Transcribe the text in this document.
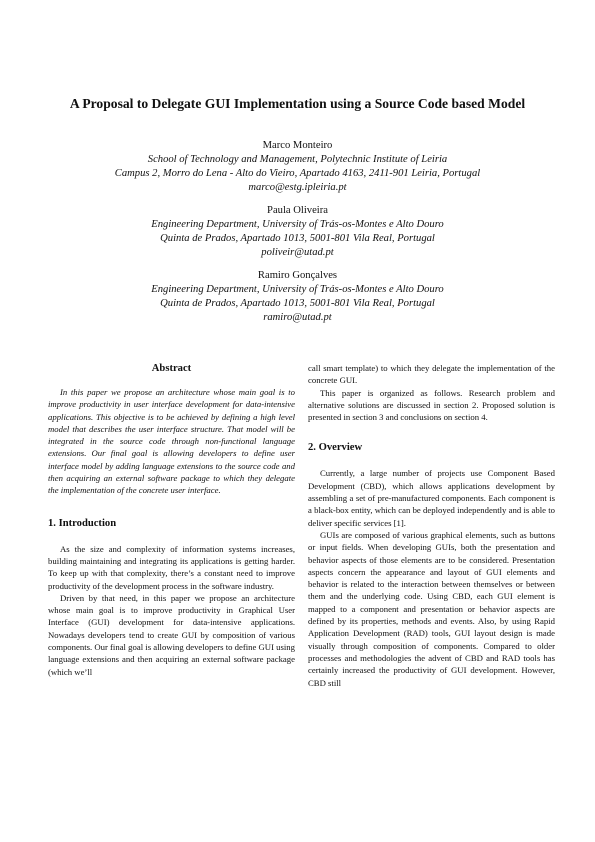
A Proposal to Delegate GUI Implementation using a Source Code based Model
Marco Monteiro
School of Technology and Management, Polytechnic Institute of Leiria
Campus 2, Morro do Lena - Alto do Vieiro, Apartado 4163, 2411-901 Leiria, Portugal
marco@estg.ipleiria.pt
Paula Oliveira
Engineering Department, University of Trás-os-Montes e Alto Douro
Quinta de Prados, Apartado 1013, 5001-801 Vila Real, Portugal
poliveir@utad.pt
Ramiro Gonçalves
Engineering Department, University of Trás-os-Montes e Alto Douro
Quinta de Prados, Apartado 1013, 5001-801 Vila Real, Portugal
ramiro@utad.pt
Abstract

In this paper we propose an architecture whose main goal is to improve productivity in user interface development for data-intensive applications. This objective is to be achieved by defining a high level model that describes the user interface structure. That model will be integrated in the source code through non-functional language extensions. Our final goal is allowing developers to define user interface model by adding language extensions to the source code and then acquiring an external software package to which they delegate the implementation of the concrete user interface.

1. Introduction

As the size and complexity of information systems increases, building maintaining and integrating its applications is getting harder. To keep up with that complexity, there’s a constant need to improve productivity of the development process in the software industry.

Driven by that need, in this paper we propose an architecture whose main goal is to improve productivity in Graphical User Interface (GUI) development for data-intensive applications. Nowadays developers tend to create GUI by composition of various components. Our final goal is allowing developers to define GUI using language extensions and then acquiring an external software package (which we’ll

call smart template) to which they delegate the implementation of the concrete GUI.

This paper is organized as follows. Research problem and alternative solutions are discussed in section 2. Proposed solution is presented in section 3 and conclusions on section 4.

2. Overview

Currently, a large number of projects use Component Based Development (CBD), which allows applications development by assembling a set of pre-manufactured components. Each component is a black-box entity, which can be deployed independently and is able to deliver specific services [1].

GUIs are composed of various graphical elements, such as buttons or input fields. When developing GUIs, both the presentation and behavior aspects of those elements are to be considered. Presentation aspects concern the appearance and layout of GUI elements and behavior is related to the interaction between themselves or between them and the underlying code. Using CBD, each GUI element is mapped to a component and presentation or behavior aspects are defined by its properties, methods and events. Also, by using Rapid Application Development (RAD) tools, GUI layout design is made visually through composition of components. Compared to older processes and methodologies the advent of CBD and RAD tools has certainly increased the productivity of GUI development. However, CBD still
